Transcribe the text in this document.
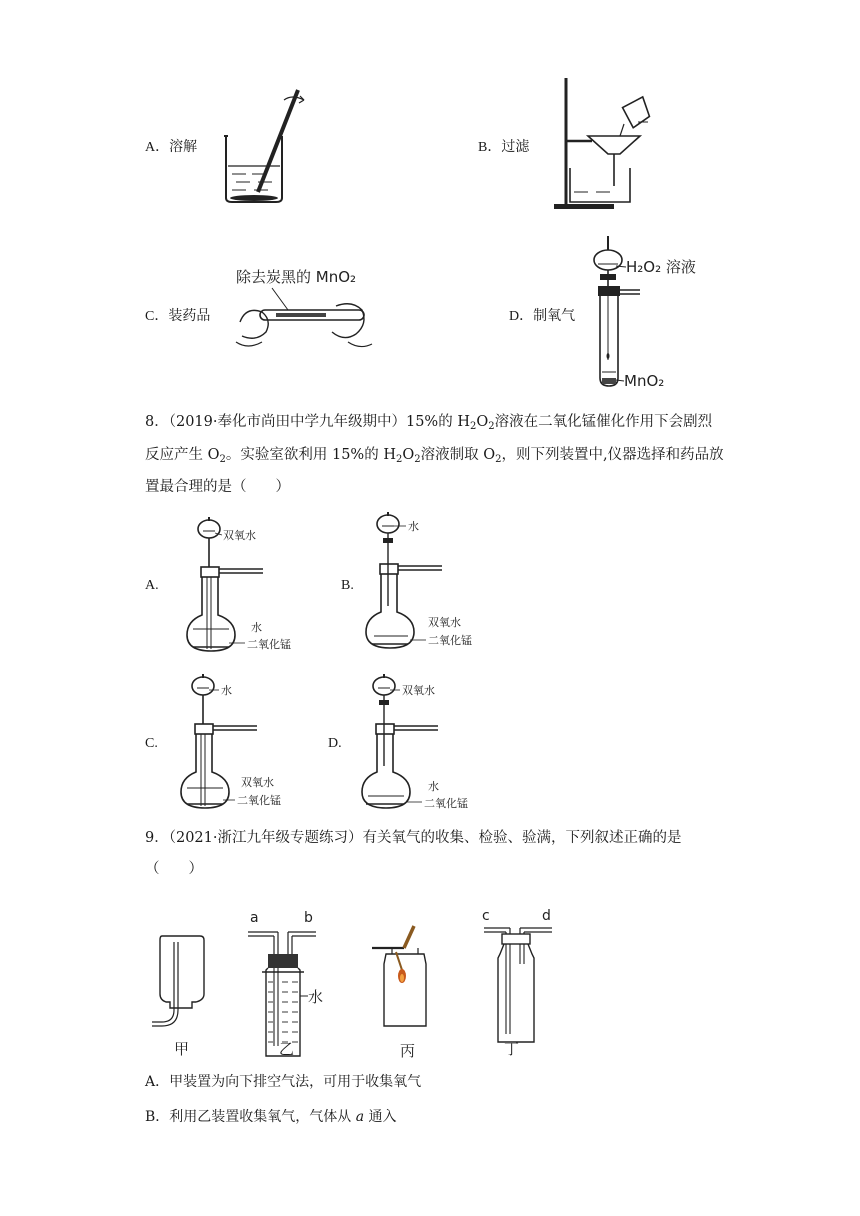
A．溶解	B．过滤
C．装药品	D．制氧气
除去炭黑的 MnO₂
H₂O₂ 溶液
MnO₂
8．（2019·奉化市尚田中学九年级期中）15%的 $H_2O_2$溶液在二氧化锰催化作用下会剧烈
反应产生 $O_2$。实验室欲利用 15%的 $H_2O_2$溶液制取 $O_2$，则下列装置中,仪器选择和药品放
置最合理的是（　　）
A.	B.
C.	D.
双氧水
水
二氧化锰
水
双氧水
二氧化锰
水
双氧水
二氧化锰
双氧水
水
二氧化锰
9．（2021·浙江九年级专题练习）有关氧气的收集、检验、验满，下列叙述正确的是
（　　）
甲
a	b
水
乙	丙
c	d
丁
A．甲装置为向下排空气法，可用于收集氧气
B．利用乙装置收集氧气，气体从 a 通入
